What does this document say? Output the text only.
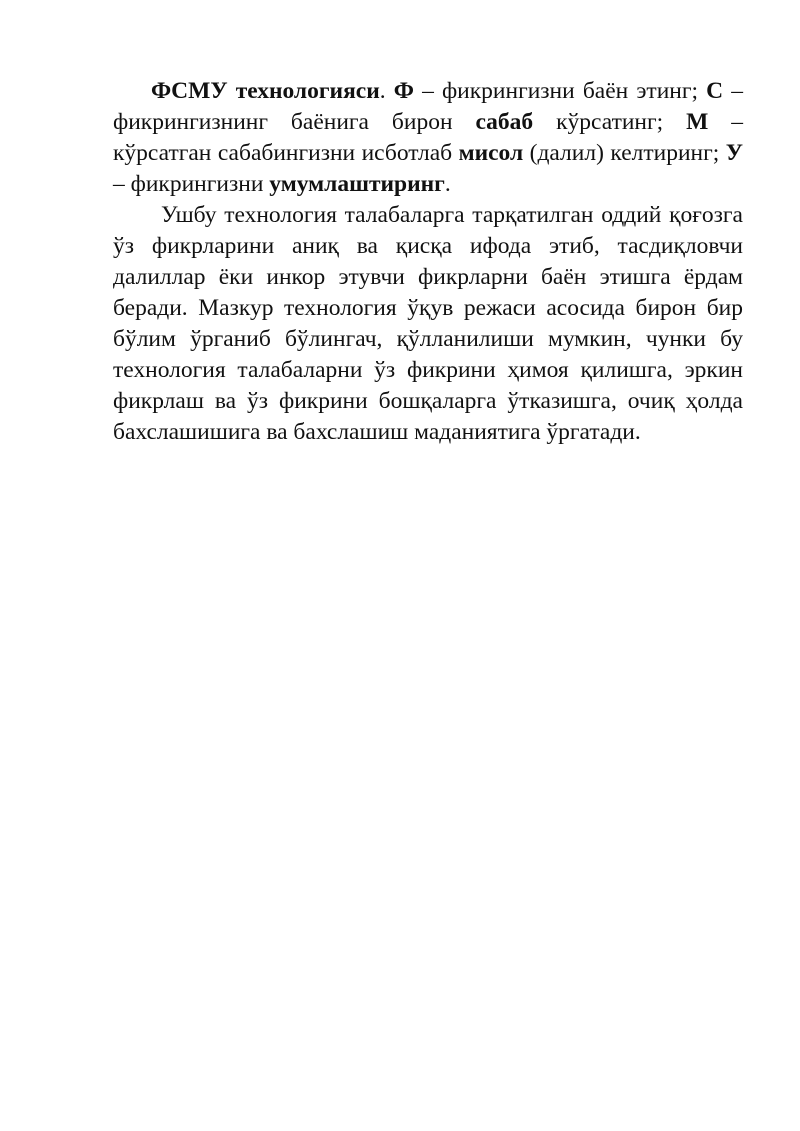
ФСМУ технологияси. Ф – фикрингизни баён этинг; С – фикрингизнинг баёнига бирон сабаб кўрсатинг; М – кўрсатган сабабингизни исботлаб мисол (далил) келтиринг; У – фикрингизни умумлаштиринг.

Ушбу технология талабаларга тарқатилган оддий қоғозга ўз фикрларини аниқ ва қисқа ифода этиб, тасдиқловчи далиллар ёки инкор этувчи фикрларни баён этишга ёрдам беради. Мазкур технология ўқув режаси асосида бирон бир бўлим ўрганиб бўлингач, қўлланилиши мумкин, чунки бу технология талабаларни ўз фикрини ҳимоя қилишга, эркин фикрлаш ва ўз фикрини бошқаларга ўтказишга, очиқ ҳолда бахслашишига ва бахслашиш маданиятига ўргатади.
